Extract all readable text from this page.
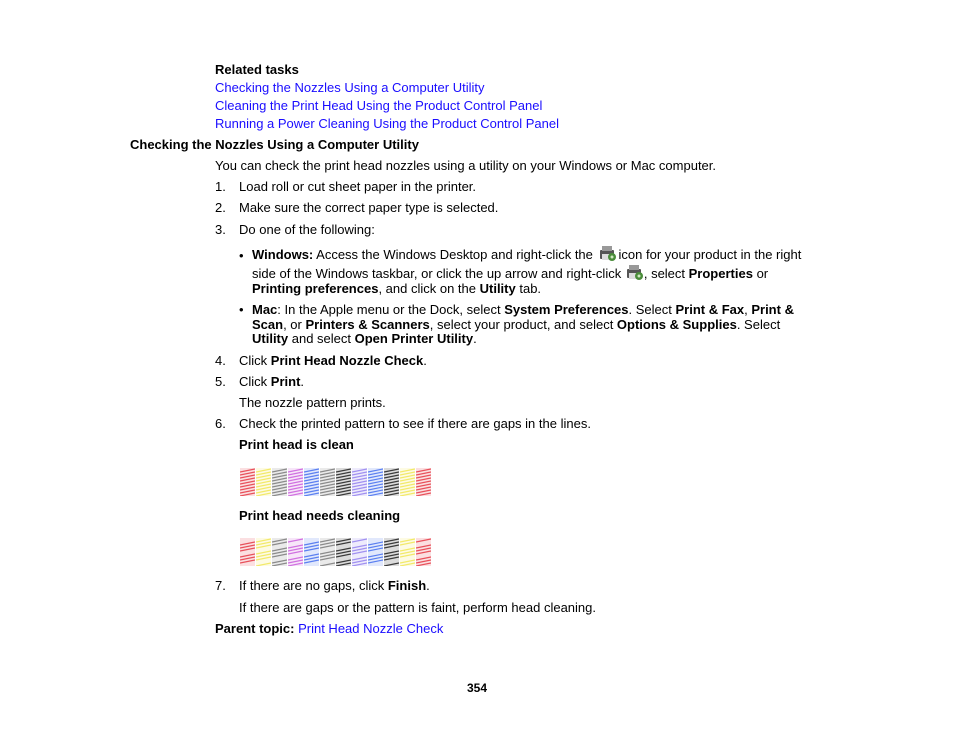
Related tasks
Checking the Nozzles Using a Computer Utility
Cleaning the Print Head Using the Product Control Panel
Running a Power Cleaning Using the Product Control Panel
Checking the Nozzles Using a Computer Utility
You can check the print head nozzles using a utility on your Windows or Mac computer.
1. Load roll or cut sheet paper in the printer.
2. Make sure the correct paper type is selected.
3. Do one of the following:
• Windows: Access the Windows Desktop and right-click the icon for your product in the right
side of the Windows taskbar, or click the up arrow and right-click , select Properties or
Printing preferences, and click on the Utility tab.
• Mac: In the Apple menu or the Dock, select System Preferences. Select Print & Fax, Print &
Scan, or Printers & Scanners, select your product, and select Options & Supplies. Select
Utility and select Open Printer Utility.
4. Click Print Head Nozzle Check.
5. Click Print.
The nozzle pattern prints.
6. Check the printed pattern to see if there are gaps in the lines.
Print head is clean
Print head needs cleaning
7. If there are no gaps, click Finish.
If there are gaps or the pattern is faint, perform head cleaning.
Parent topic: Print Head Nozzle Check
354
